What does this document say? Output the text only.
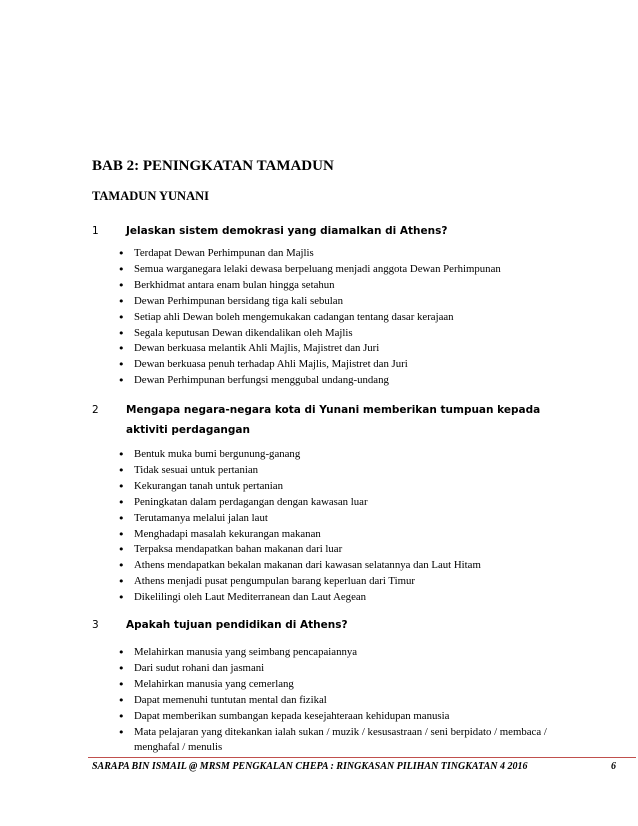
BAB 2: PENINGKATAN TAMADUN
TAMADUN YUNANI
1	Jelaskan sistem demokrasi yang diamalkan di Athens?
• Terdapat Dewan Perhimpunan dan Majlis
• Semua warganegara lelaki dewasa berpeluang menjadi anggota Dewan Perhimpunan
• Berkhidmat antara enam bulan hingga setahun
• Dewan Perhimpunan bersidang tiga kali sebulan
• Setiap ahli Dewan boleh mengemukakan cadangan tentang dasar kerajaan
• Segala keputusan Dewan dikendalikan oleh Majlis
• Dewan berkuasa melantik Ahli Majlis, Majistret dan Juri
• Dewan berkuasa penuh terhadap Ahli Majlis, Majistret dan Juri
• Dewan Perhimpunan berfungsi menggubal undang-undang
2	Mengapa negara-negara kota di Yunani memberikan tumpuan kepada aktiviti perdagangan
• Bentuk muka bumi bergunung-ganang
• Tidak sesuai untuk pertanian
• Kekurangan tanah untuk pertanian
• Peningkatan dalam perdagangan dengan kawasan luar
• Terutamanya melalui jalan laut
• Menghadapi masalah kekurangan makanan
• Terpaksa mendapatkan bahan makanan dari luar
• Athens mendapatkan bekalan makanan dari kawasan selatannya dan Laut Hitam
• Athens menjadi pusat pengumpulan barang keperluan dari Timur
• Dikelilingi oleh Laut Mediterranean dan Laut Aegean
3	Apakah tujuan pendidikan di Athens?
• Melahirkan manusia yang seimbang pencapaiannya
• Dari sudut rohani dan jasmani
• Melahirkan manusia yang cemerlang
• Dapat memenuhi tuntutan mental dan fizikal
• Dapat memberikan sumbangan kepada kesejahteraan kehidupan manusia
• Mata pelajaran yang ditekankan ialah sukan / muzik / kesusastraan / seni berpidato / membaca / menghafal / menulis
SARAPA BIN ISMAIL @ MRSM PENGKALAN CHEPA : RINGKASAN PILIHAN TINGKATAN 4 2016	6
